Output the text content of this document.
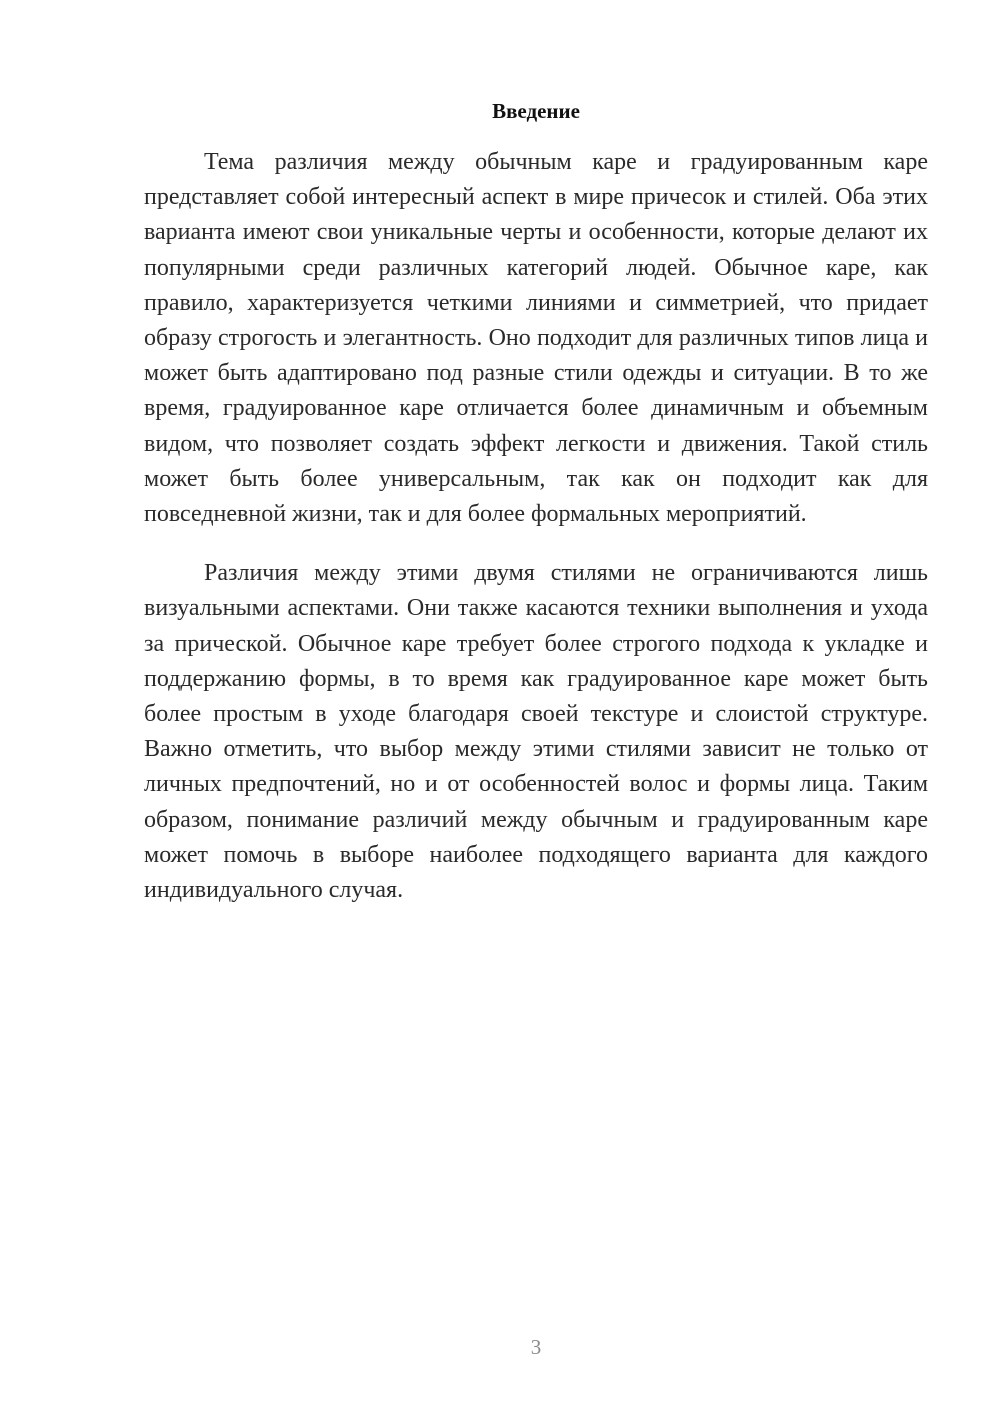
Введение

Тема различия между обычным каре и градуированным каре представляет собой интересный аспект в мире причесок и стилей. Оба этих варианта имеют свои уникальные черты и особенности, которые делают их популярными среди различных категорий людей. Обычное каре, как правило, характеризуется четкими линиями и симметрией, что придает образу строгость и элегантность. Оно подходит для различных типов лица и может быть адаптировано под разные стили одежды и ситуации. В то же время, градуированное каре отличается более динамичным и объемным видом, что позволяет создать эффект легкости и движения. Такой стиль может быть более универсальным, так как он подходит как для повседневной жизни, так и для более формальных мероприятий.

Различия между этими двумя стилями не ограничиваются лишь визуальными аспектами. Они также касаются техники выполнения и ухода за прической. Обычное каре требует более строгого подхода к укладке и поддержанию формы, в то время как градуированное каре может быть более простым в уходе благодаря своей текстуре и слоистой структуре. Важно отметить, что выбор между этими стилями зависит не только от личных предпочтений, но и от особенностей волос и формы лица. Таким образом, понимание различий между обычным и градуированным каре может помочь в выборе наиболее подходящего варианта для каждого индивидуального случая.

3
